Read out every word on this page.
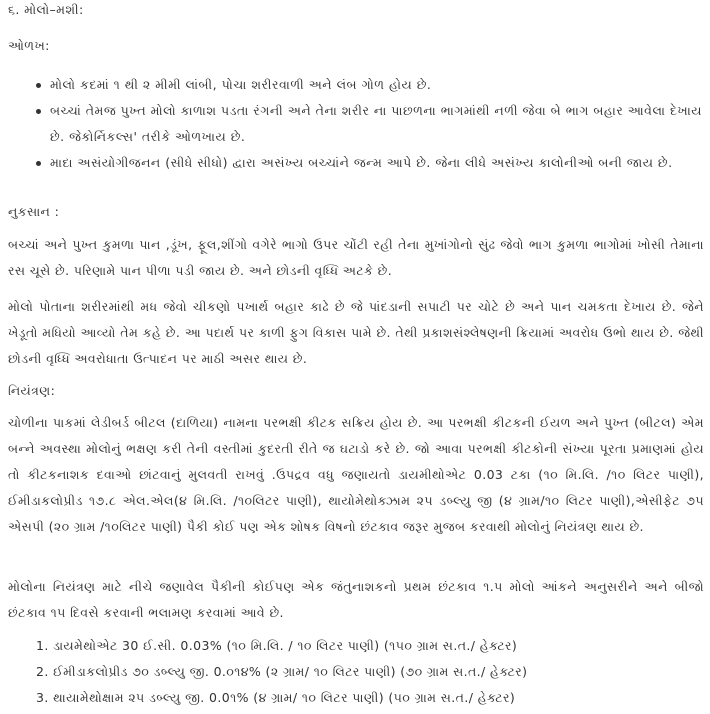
૬. મોલો–મશી:
ઓળખ:
મોલો કદમાં ૧ થી ૨ મીમી લાંબી, પોચા શરીરવાળી અને લંબ ગોળ હોય છે.
બચ્ચાં તેમજ પુખ્ત મોલો કાળાશ પડતા રંગની અને તેના શરીર ના પાછળના ભાગમાંથી નળી જેવા બે ભાગ બહાર આવેલા દેખાય છે. જેકોર્નિકલ્સ' તરીકે ઓળખાય છે.
માદા અસંયોગીજનન (સીધે સીધો) દ્વારા અસંખ્ય બચ્ચાંને જન્મ આપે છે. જેના લીધે અસંખ્ય કાલોનીઓ બની જાય છે.
નુકસાન :
બચ્ચાં અને પુખ્ત કુમળા પાન ,ડૂંખ, ફૂલ,શીંગો વગેરે ભાગો ઉપર ચોંટી રહી તેના મુખાંગોનો સુંઢ જેવો ભાગ કુમળા ભાગોમાં ખોસી તેમાના રસ ચૂસે છે. પરિણામે પાન પીળા પડી જાય છે. અને છોડની વૃધ્ધિ અટકે છે.
મોલો પોતાના શરીરમાંથી મધ જેવો ચીકણો પખાર્થ બહાર કાઢે છે જે પાંદડાની સપાટી પર ચોટે છે અને પાન ચમકતા દેખાય છે. જેને ખેડૂતો મધિયો આવ્યો તેમ કહે છે. આ પદાર્થ પર કાળી ફુગ વિકાસ પામે છે. તેથી પ્રકાશસંશ્લેષણની ક્રિયામાં અવરોધ ઉભો થાય છે. જેથી છોડની વૃધ્ધિ અવરોધાતા ઉત્પાદન પર માઠી અસર થાય છે.
નિયંત્રણ:
ચોળીના પાકમાં લેડીબર્ડ બીટલ (દાળિયા) નામના પરભક્ષી કીટક સક્રિય હોય છે. આ પરભક્ષી કીટકની ઈયળ અને પુખ્ત (બીટલ) એમ બન્ને અવસ્થા મોલોનું ભક્ષણ કરી તેની વસ્તીમાં કુદરતી રીતે જ ઘટાડો કરે છે. જો આવા પરભક્ષી કીટકોની સંખ્યા પૂરતા પ્રમાણમાં હોય તો કીટકનાશક દવાઓ છાંટવાનું મુલવતી રાખવું .ઉપદ્રવ વધુ જણાયતો ડાયમીથોએટ 0.03 ટકા (૧૦ મિ.લિ. /૧૦ લિટર પાણી), ઈમીડાકલોપ્રીડ ૧૭.૮ એલ.એલ(૪ મિ.લિ. /૧૦લિટર પાણી), થાયોમેથોક્ઝામ ૨૫ ડબ્લ્યુ જી (૪ ગ્રામ/૧૦ લિટર પાણી),એસીફેટ ૭૫ એસપી (૨૦ ગ્રામ /૧૦લિટર પાણી) પૈકી કોઈ પણ એક શોષક વિષનો છંટકાવ જરૂર મુજબ કરવાથી મોલોનું નિયંત્રણ થાય છે.
મોલોના નિયંત્રણ માટે નીચે જણાવેલ પૈકીની કોઈપણ એક જંતુનાશકનો પ્રથમ છંટકાવ ૧.૫ મોલો આંકને અનુસરીને અને બીજો છંટકાવ ૧૫ દિવસે કરવાની ભલામણ કરવામાં આવે છે.
1. ડાયમેથોએટ 30 ઈ.સી. 0.03% (૧૦ મિ.લિ. / ૧૦ લિટર પાણી) (૧૫૦ ગ્રામ સ.ત./ હેક્ટર)
2. ઈમીડાકલોપ્રીડ ૭૦ ડબ્લ્યુ જી. 0.૦૧૪% (૨ ગ્રામ/ ૧૦ લિટર પાણી) (૭૦ ગ્રામ સ.ત./ હેક્ટર)
3. થાયામેથોક્ષામ ૨૫ ડબ્લ્યુ જી. 0.0૧% (૪ ગ્રામ/ ૧૦ લિટર પાણી) (૫૦ ગ્રામ સ.ત./ હેક્ટર)
